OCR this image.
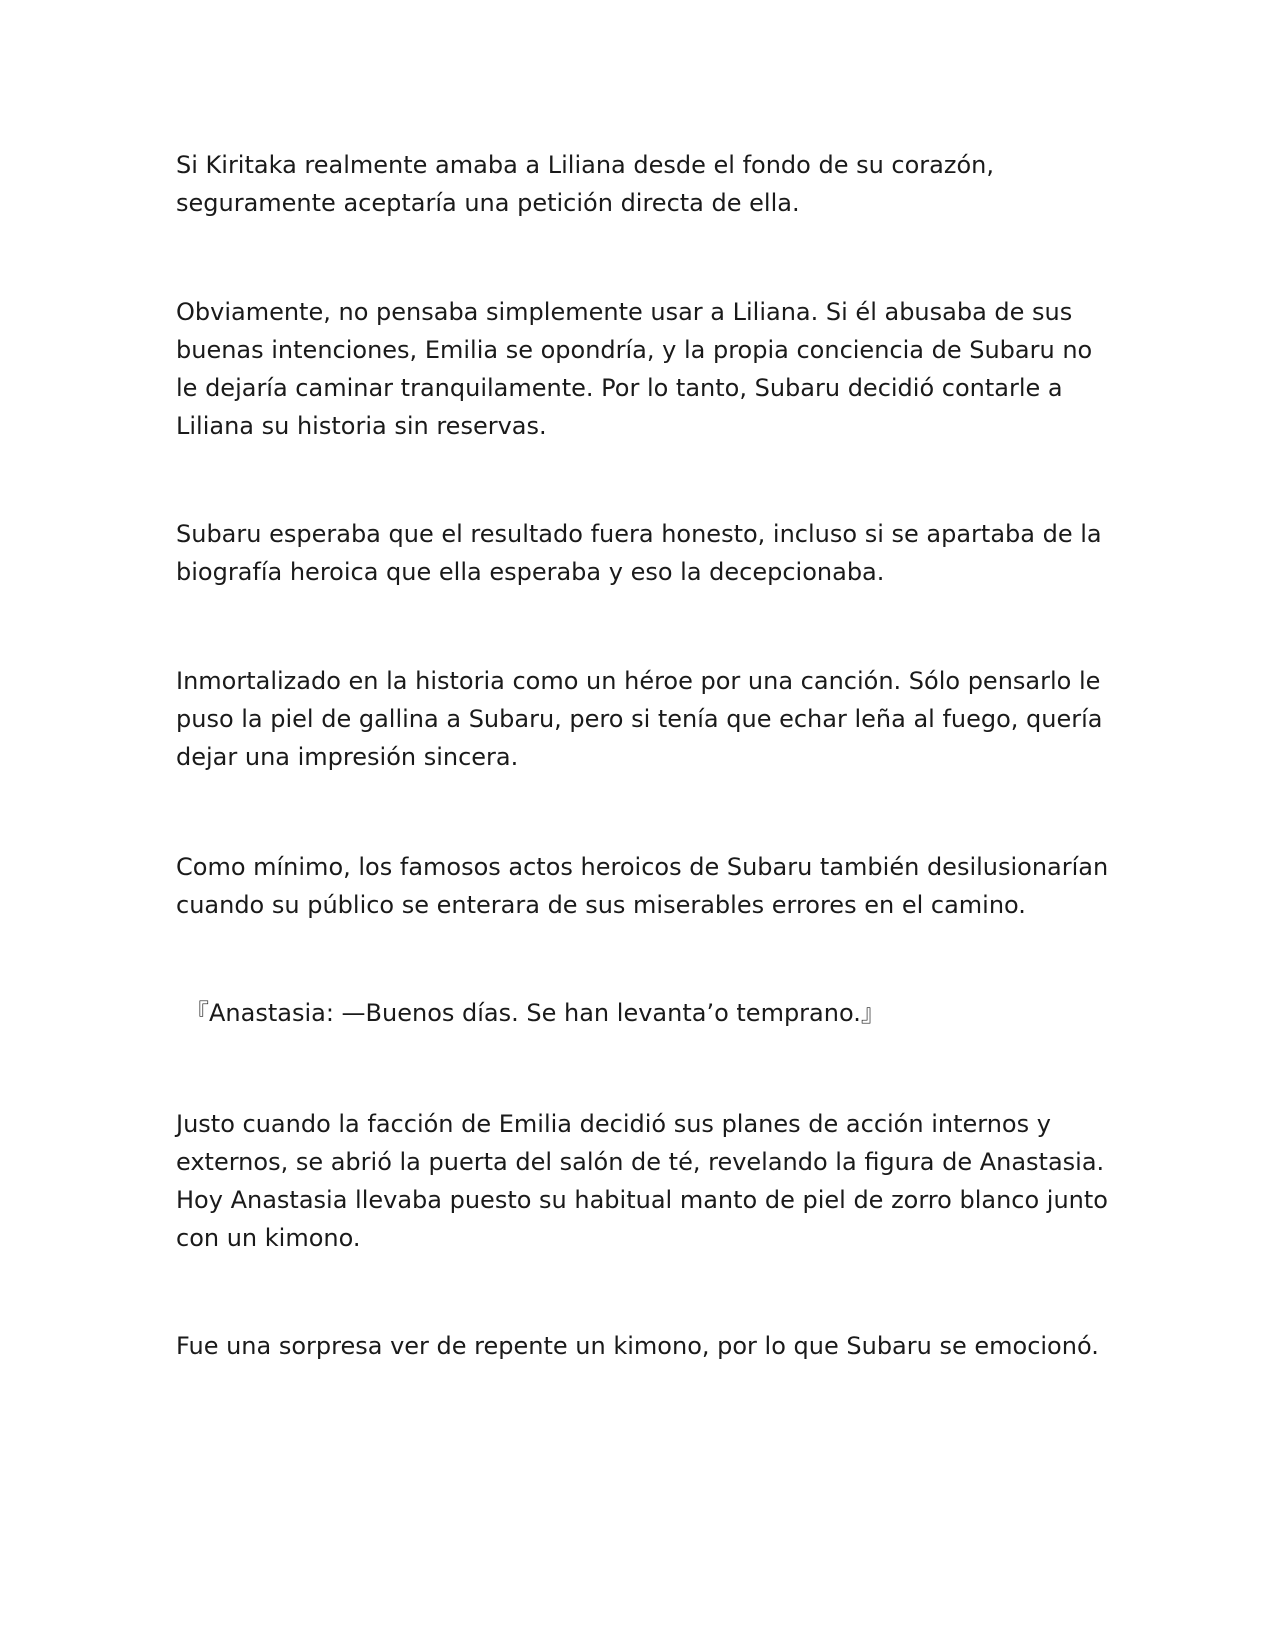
Si Kiritaka realmente amaba a Liliana desde el fondo de su corazón,
seguramente aceptaría una petición directa de ella.

Obviamente, no pensaba simplemente usar a Liliana. Si él abusaba de sus
buenas intenciones, Emilia se opondría, y la propia conciencia de Subaru no
le dejaría caminar tranquilamente. Por lo tanto, Subaru decidió contarle a
Liliana su historia sin reservas.

Subaru esperaba que el resultado fuera honesto, incluso si se apartaba de la
biografía heroica que ella esperaba y eso la decepcionaba.

Inmortalizado en la historia como un héroe por una canción. Sólo pensarlo le
puso la piel de gallina a Subaru, pero si tenía que echar leña al fuego, quería
dejar una impresión sincera.

Como mínimo, los famosos actos heroicos de Subaru también desilusionarían
cuando su público se enterara de sus miserables errores en el camino.

『Anastasia: —Buenos días. Se han levanta’o temprano.』

Justo cuando la facción de Emilia decidió sus planes de acción internos y
externos, se abrió la puerta del salón de té, revelando la figura de Anastasia.
Hoy Anastasia llevaba puesto su habitual manto de piel de zorro blanco junto
con un kimono.

Fue una sorpresa ver de repente un kimono, por lo que Subaru se emocionó.
